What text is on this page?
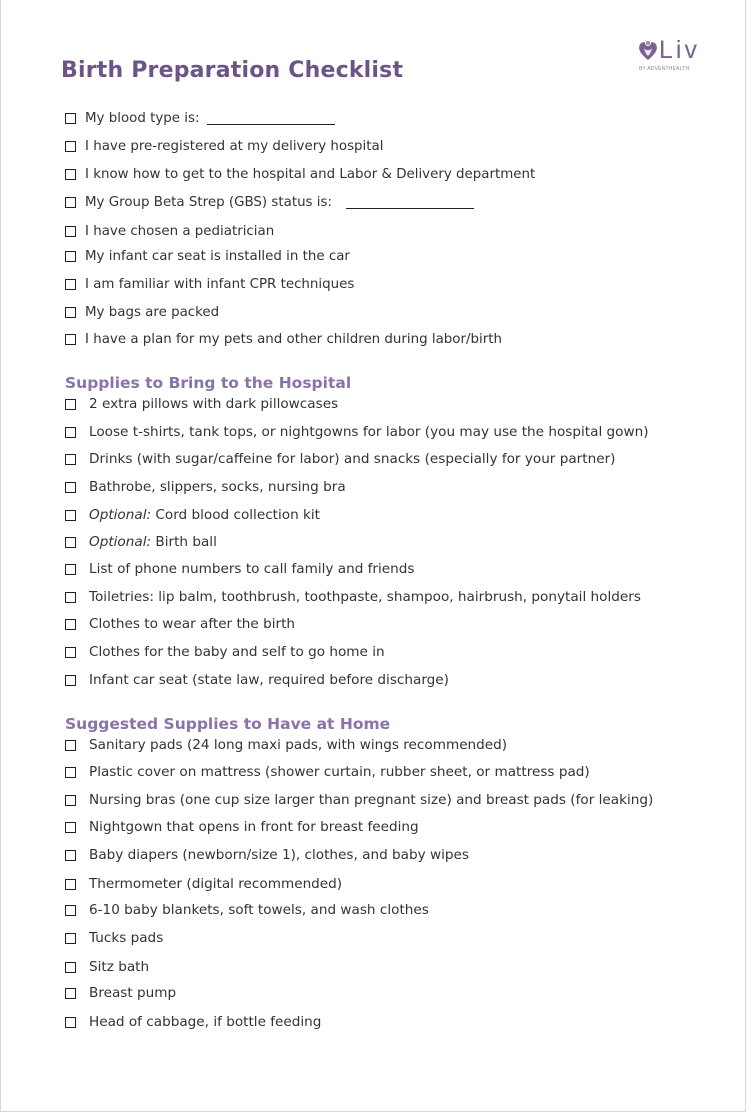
Liv
BY ADVENTHEALTH
Birth Preparation Checklist
My blood type is:
I have pre-registered at my delivery hospital
I know how to get to the hospital and Labor & Delivery department
My Group Beta Strep (GBS) status is:
I have chosen a pediatrician
My infant car seat is installed in the car
I am familiar with infant CPR techniques
My bags are packed
I have a plan for my pets and other children during labor/birth
Supplies to Bring to the Hospital
2 extra pillows with dark pillowcases
Loose t-shirts, tank tops, or nightgowns for labor (you may use the hospital gown)
Drinks (with sugar/caffeine for labor) and snacks (especially for your partner)
Bathrobe, slippers, socks, nursing bra
Optional:
Cord blood collection kit
Optional:
Birth ball
List of phone numbers to call family and friends
Toiletries: lip balm, toothbrush, toothpaste, shampoo, hairbrush, ponytail holders
Clothes to wear after the birth
Clothes for the baby and self to go home in
Infant car seat (state law, required before discharge)
Suggested Supplies to Have at Home
Sanitary pads (24 long maxi pads, with wings recommended)
Plastic cover on mattress (shower curtain, rubber sheet, or mattress pad)
Nursing bras (one cup size larger than pregnant size) and breast pads (for leaking)
Nightgown that opens in front for breast feeding
Baby diapers (newborn/size 1), clothes, and baby wipes
Thermometer (digital recommended)
6-10 baby blankets, soft towels, and wash clothes
Tucks pads
Sitz bath
Breast pump
Head of cabbage, if bottle feeding
